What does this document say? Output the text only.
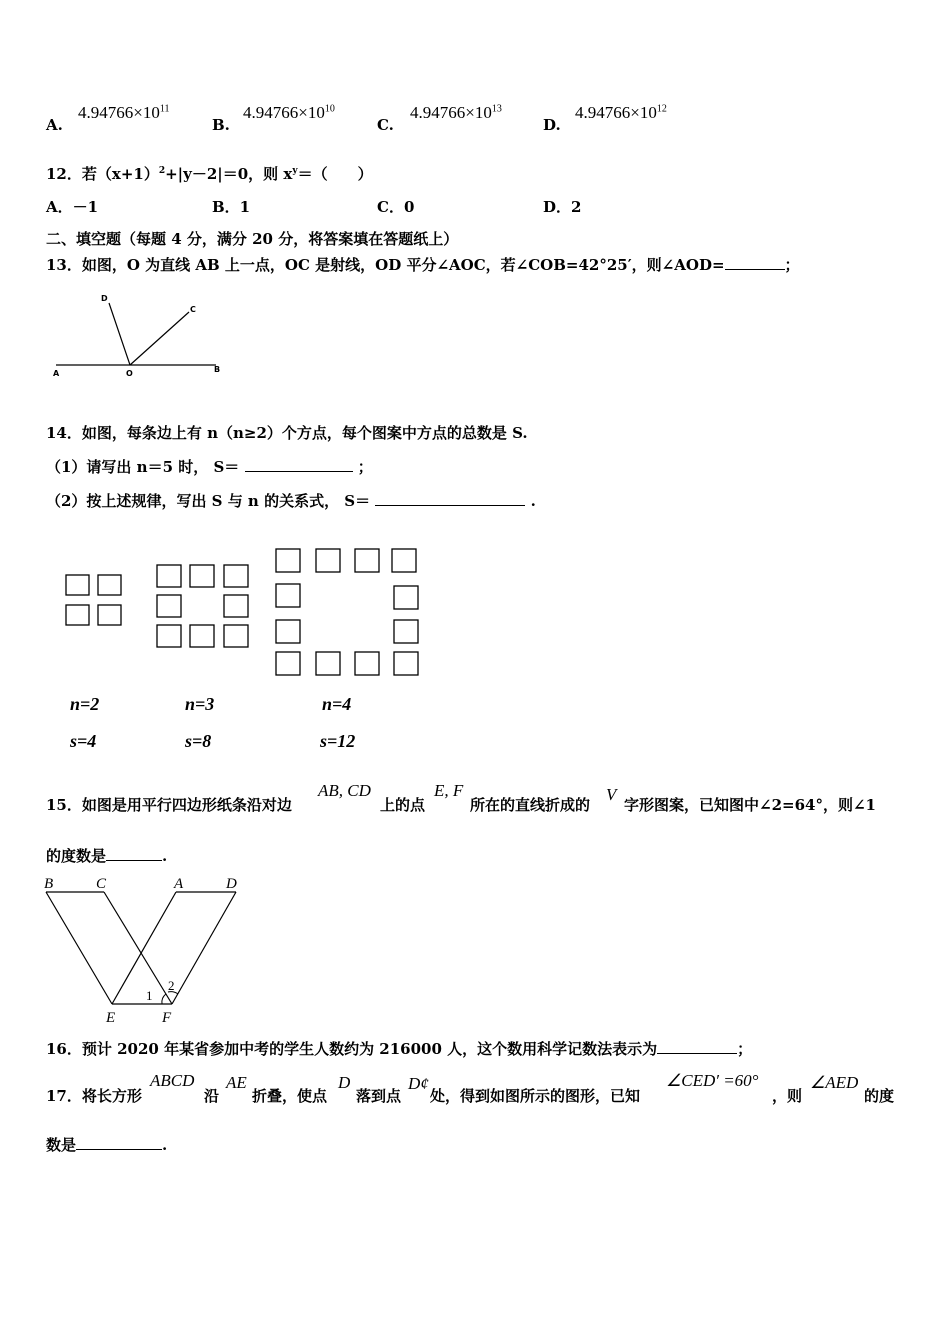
A.
$4.94766\times 10^{11}$
B.
$4.94766\times 10^{10}$
C.
$4.94766\times 10^{13}$
D.
$4.94766\times 10^{12}$
12．若$(x+1)^2+|y-2|=0$，则 $x^y=$（　　）
A．－1	B．1	C．0	D．2
二、填空题（每题 4 分，满分 20 分，将答案填在答题纸上）
13．如图，O 为直线 AB 上一点，OC 是射线，OD 平分∠AOC，若∠COB=42°25′，则∠AOD=	；
D
C
A	O	B
14．如图，每条边上有 n（n≥2）个方点，每个图案中方点的总数是 S.
（1）请写出 n＝5 时， S＝	；
（2）按上述规律，写出 S 与 n 的关系式， S＝	.
n=2
s=4
n=3
s=8
n=4
s=12
15．如图是用平行四边形纸条沿对边
AB, CD
上的点
E, F
所在的直线折成的
V
字形图案，已知图中∠2=64°，则∠1
的度数是	.
B	C	A	D
E	F
1
2
16．预计 2020 年某省参加中考的学生人数约为 216000 人，这个数用科学记数法表示为	；
17．将长方形
ABCD
沿
AE
折叠，使点
D
落到点
D¢
处，得到如图所示的图形，已知
∠CED′ =60°
，则
∠AED
的度
数是	.
